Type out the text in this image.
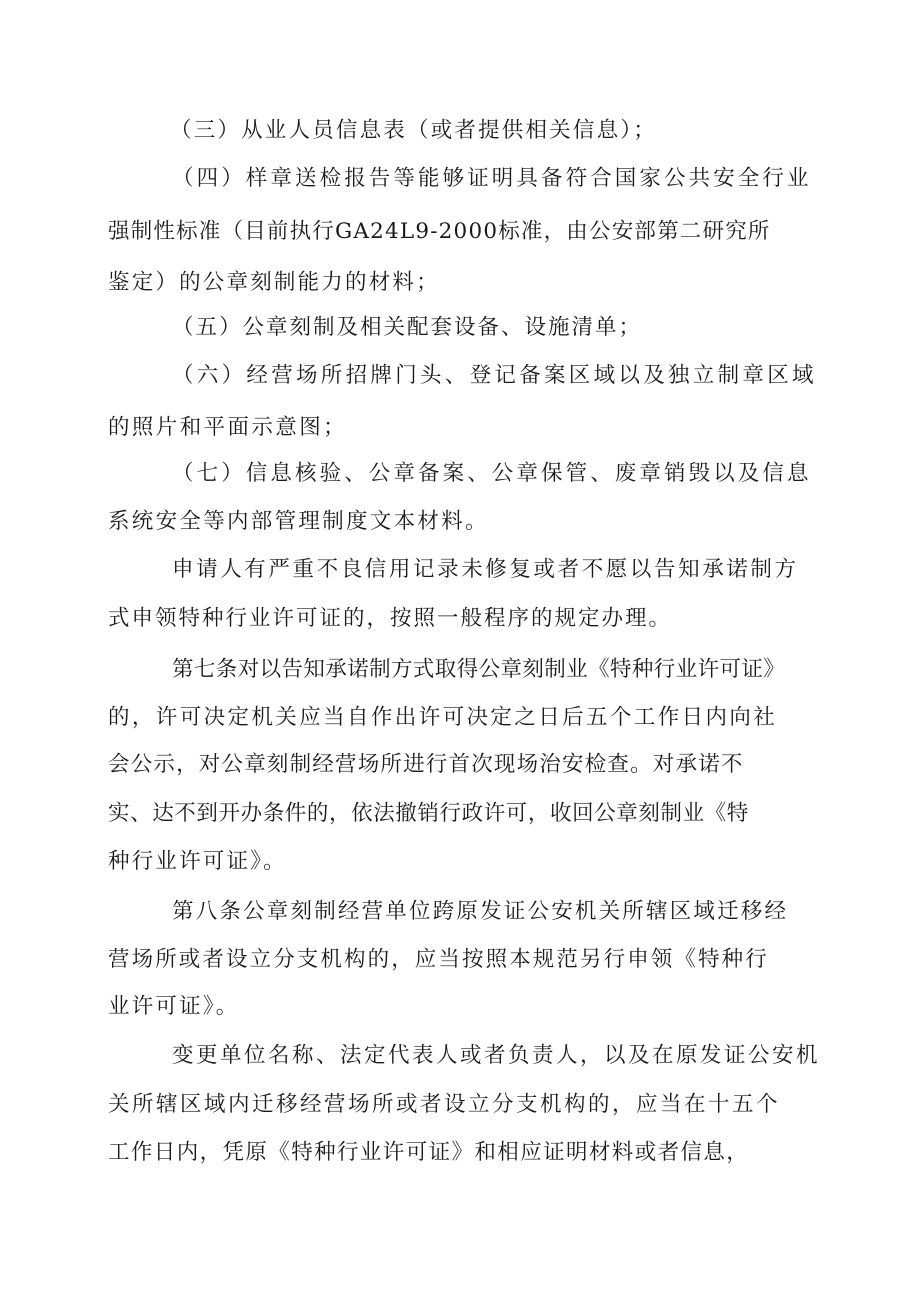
（三）从业人员信息表（或者提供相关信息）；
（四）样章送检报告等能够证明具备符合国家公共安全行业
强制性标准（目前执行GA24L9-2000标准，由公安部第二研究所
鉴定）的公章刻制能力的材料；
（五）公章刻制及相关配套设备、设施清单；
（六）经营场所招牌门头、登记备案区域以及独立制章区域
的照片和平面示意图；
（七）信息核验、公章备案、公章保管、废章销毁以及信息
系统安全等内部管理制度文本材料。
申请人有严重不良信用记录未修复或者不愿以告知承诺制方
式申领特种行业许可证的，按照一般程序的规定办理。
第七条对以告知承诺制方式取得公章刻制业《特种行业许可证》
的，许可决定机关应当自作出许可决定之日后五个工作日内向社
会公示，对公章刻制经营场所进行首次现场治安检查。对承诺不
实、达不到开办条件的，依法撤销行政许可，收回公章刻制业《特
种行业许可证》。
第八条公章刻制经营单位跨原发证公安机关所辖区域迁移经
营场所或者设立分支机构的，应当按照本规范另行申领《特种行
业许可证》。
变更单位名称、法定代表人或者负责人，以及在原发证公安机
关所辖区域内迁移经营场所或者设立分支机构的，应当在十五个
工作日内，凭原《特种行业许可证》和相应证明材料或者信息，
